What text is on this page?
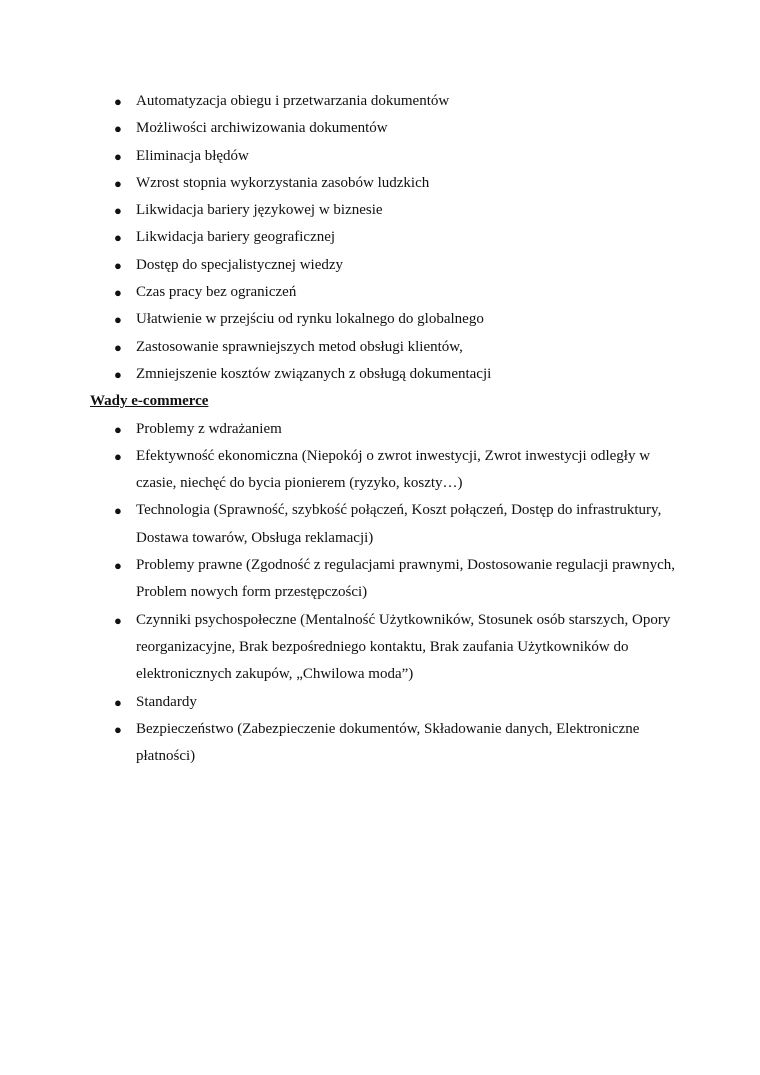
● Automatyzacja obiegu i przetwarzania dokumentów
● Możliwości archiwizowania dokumentów
● Eliminacja błędów
● Wzrost stopnia wykorzystania zasobów ludzkich
● Likwidacja bariery językowej w biznesie
● Likwidacja bariery geograficznej
● Dostęp do specjalistycznej wiedzy
● Czas pracy bez ograniczeń
● Ułatwienie w przejściu od rynku lokalnego do globalnego
● Zastosowanie sprawniejszych metod obsługi klientów,
● Zmniejszenie kosztów związanych z obsługą dokumentacji

Wady e-commerce

● Problemy z wdrażaniem
● Efektywność ekonomiczna (Niepokój o zwrot inwestycji, Zwrot inwestycji odległy w czasie, niechęć do bycia pionierem (ryzyko, koszty…)
● Technologia (Sprawność, szybkość połączeń, Koszt połączeń, Dostęp do infrastruktury, Dostawa towarów, Obsługa reklamacji)
● Problemy prawne (Zgodność z regulacjami prawnymi, Dostosowanie regulacji prawnych, Problem nowych form przestępczości)
● Czynniki psychospołeczne (Mentalność Użytkowników, Stosunek osób starszych, Opory reorganizacyjne, Brak bezpośredniego kontaktu, Brak zaufania Użytkowników do elektronicznych zakupów, „Chwilowa moda”)
● Standardy
● Bezpieczeństwo (Zabezpieczenie dokumentów, Składowanie danych, Elektroniczne płatności)
